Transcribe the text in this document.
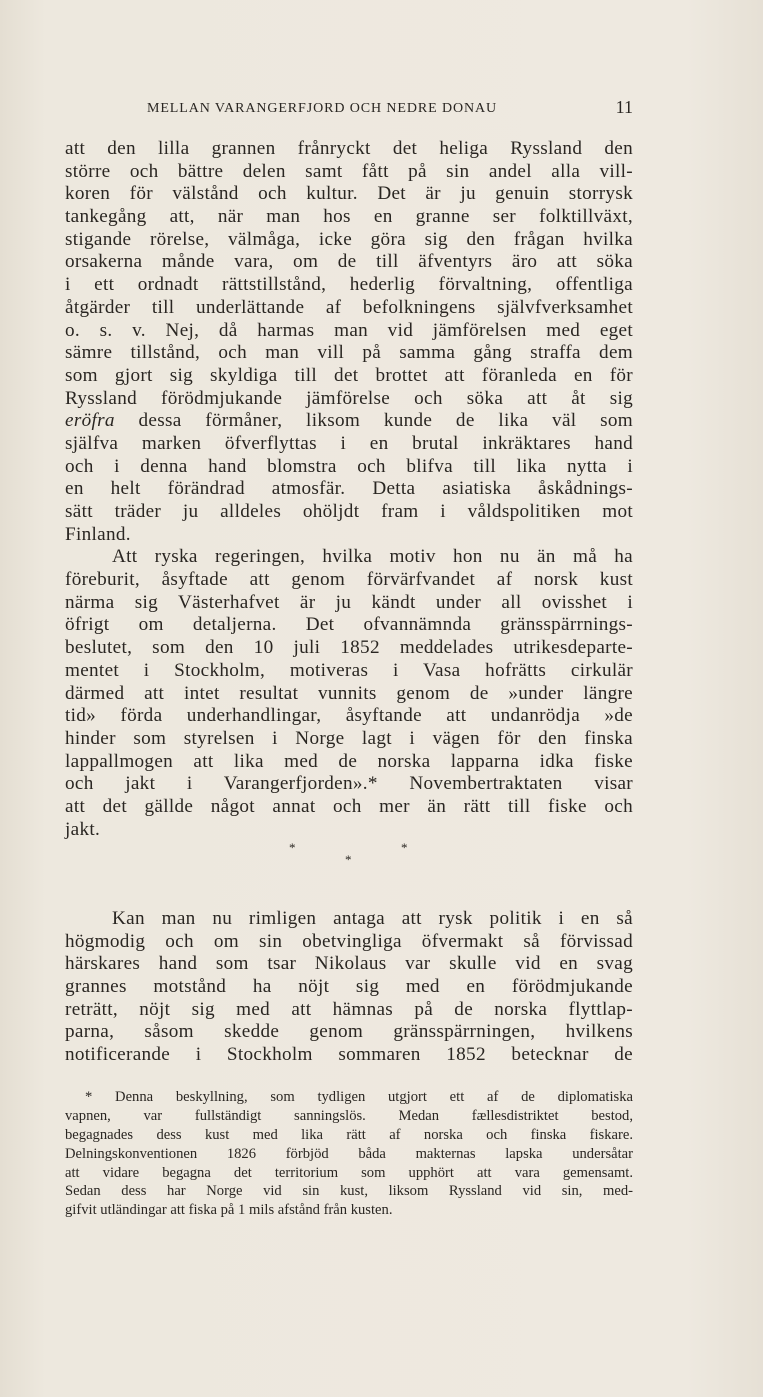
MELLAN VARANGERFJORD OCH NEDRE DONAU	11
att den lilla grannen frånryckt det heliga Ryssland den
större och bättre delen samt fått på sin andel alla vill-
koren för välstånd och kultur. Det är ju genuin storrysk
tankegång att, när man hos en granne ser folktillväxt,
stigande rörelse, välmåga, icke göra sig den frågan hvilka
orsakerna månde vara, om de till äfventyrs äro att söka
i ett ordnadt rättstillstånd, hederlig förvaltning, offentliga
åtgärder till underlättande af befolkningens självfverksamhet
o. s. v. Nej, då harmas man vid jämförelsen med eget
sämre tillstånd, och man vill på samma gång straffa dem
som gjort sig skyldiga till det brottet att föranleda en för
Ryssland förödmjukande jämförelse och söka att åt sig
eröfra dessa förmåner, liksom kunde de lika väl som
själfva marken öfverflyttas i en brutal inkräktares hand
och i denna hand blomstra och blifva till lika nytta i
en helt förändrad atmosfär. Detta asiatiska åskådnings-
sätt träder ju alldeles ohöljdt fram i våldspolitiken mot
Finland.
Att ryska regeringen, hvilka motiv hon nu än må ha
föreburit, åsyftade att genom förvärfvandet af norsk kust
närma sig Västerhafvet är ju kändt under all ovisshet i
öfrigt om detaljerna. Det ofvannämnda gränsspärrnings-
beslutet, som den 10 juli 1852 meddelades utrikesdeparte-
mentet i Stockholm, motiveras i Vasa hofrätts cirkulär
därmed att intet resultat vunnits genom de »under längre
tid» förda underhandlingar, åsyftande att undanrödja »de
hinder som styrelsen i Norge lagt i vägen för den finska
lappallmogen att lika med de norska lapparna idka fiske
och jakt i Varangerfjorden».* Novembertraktaten visar
att det gällde något annat och mer än rätt till fiske och
jakt.
*
*
*
Kan man nu rimligen antaga att rysk politik i en så
högmodig och om sin obetvingliga öfvermakt så förvissad
härskares hand som tsar Nikolaus var skulle vid en svag
grannes motstånd ha nöjt sig med en förödmjukande
reträtt, nöjt sig med att hämnas på de norska flyttlap-
parna, såsom skedde genom gränsspärrningen, hvilkens
notificerande i Stockholm sommaren 1852 betecknar de
* Denna beskyllning, som tydligen utgjort ett af de diplomatiska
vapnen, var fullständigt sanningslös. Medan fællesdistriktet bestod,
begagnades dess kust med lika rätt af norska och finska fiskare.
Delningskonventionen 1826 förbjöd båda makternas lapska undersåtar
att vidare begagna det territorium som upphört att vara gemensamt.
Sedan dess har Norge vid sin kust, liksom Ryssland vid sin, med-
gifvit utländingar att fiska på 1 mils afstånd från kusten.
